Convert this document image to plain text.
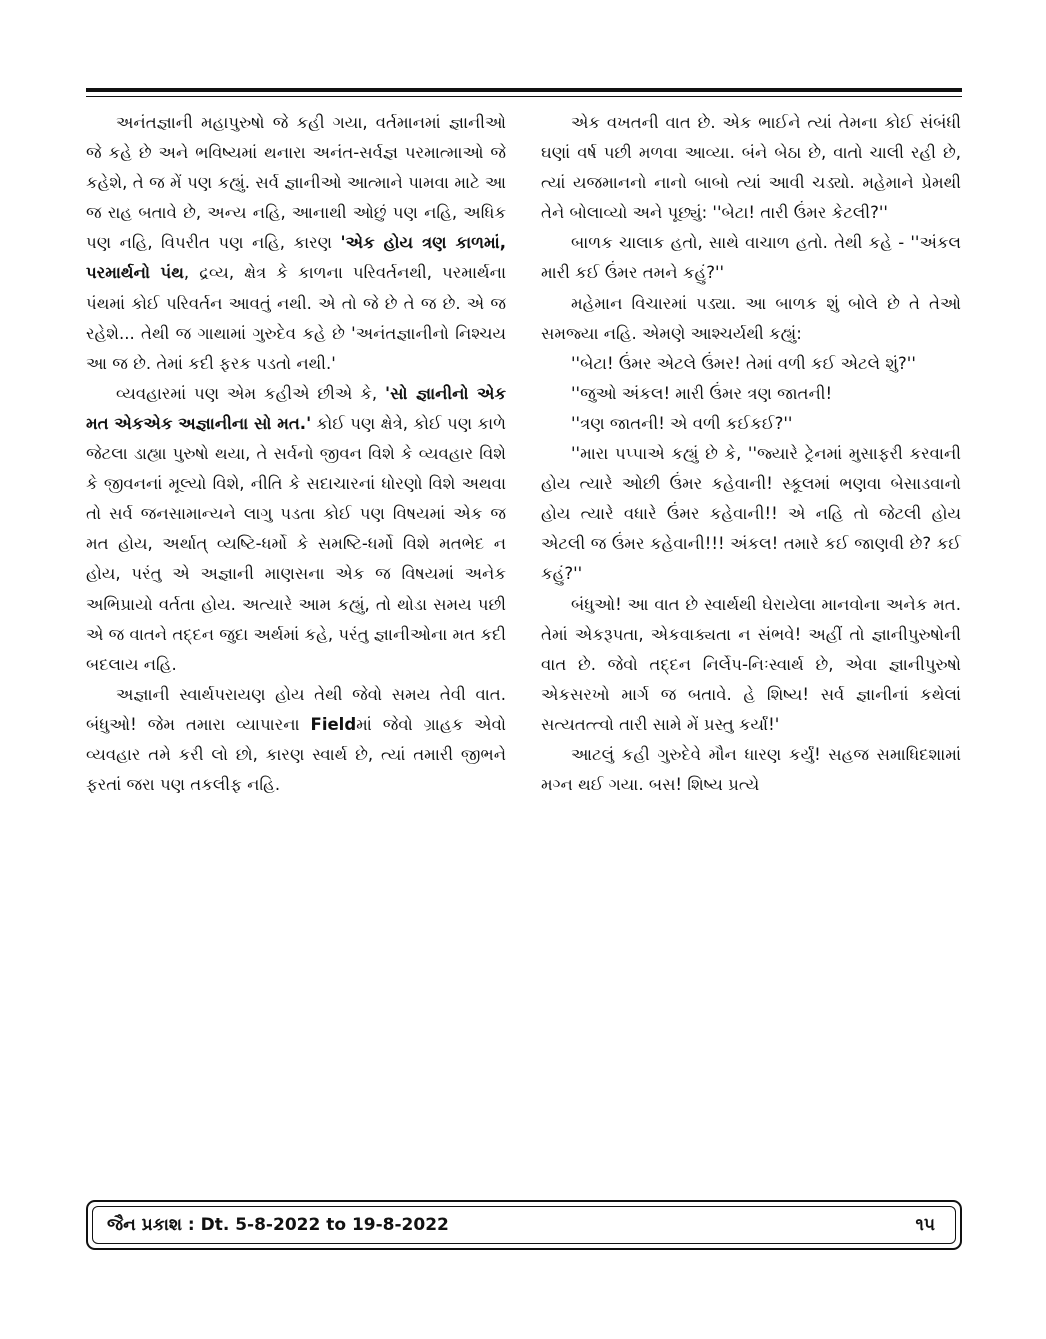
અનંતજ્ઞાની મહાપુરુષો જે કહી ગયા, વર્તમાનમાં જ્ઞાનીઓ જે કહે છે અને ભવિષ્યમાં થનારા અનંત-સર્વજ્ઞ પરમાત્માઓ જે કહેશે, તે જ મેં પણ કહ્યું. સર્વ જ્ઞાનીઓ આત્માને પામવા માટે આ જ રાહ બતાવે છે, અન્ય નહિ, આનાથી ઓછું પણ નહિ, અધિક પણ નહિ, વિપરીત પણ નહિ, કારણ 'એક હોય ત્રણ કાળમાં, પરમાર્થનો પંથ, દ્રવ્ય, ક્ષેત્ર કે કાળના પરિવર્તનથી, પરમાર્થના પંથમાં કોઈ પરિવર્તન આવતું નથી. એ તો જે છે તે જ છે. એ જ રહેશે... તેથી જ ગાથામાં ગુરુદેવ કહે છે 'અનંતજ્ઞાનીનો નિશ્ચય આ જ છે. તેમાં કદી ફરક પડતો નથી.'

વ્યવહારમાં પણ એમ કહીએ છીએ કે, 'સો જ્ઞાનીનો એક મત એકએક અજ્ઞાનીના સો મત.' કોઈ પણ ક્ષેત્રે, કોઈ પણ કાળે જેટલા ડાહ્યા પુરુષો થયા, તે સર્વનો જીવન વિશે કે વ્યવહાર વિશે કે જીવનનાં મૂલ્યો વિશે, નીતિ કે સદાચારનાં ધોરણો વિશે અથવા તો સર્વ જનસામાન્યને લાગુ પડતા કોઈ પણ વિષયમાં એક જ મત હોય, અર્થાત્ વ્યષ્ટિ-ધર્મો કે સમષ્ટિ-ધર્મો વિશે મતભેદ ન હોય, પરંતુ એ અજ્ઞાની માણસના એક જ વિષયમાં અનેક અભિપ્રાયો વર્તતા હોય. અત્યારે આમ કહ્યું, તો થોડા સમય પછી એ જ વાતને તદ્દન જુદા અર્થમાં કહે, પરંતુ જ્ઞાનીઓના મત કદી બદલાય નહિ.

અજ્ઞાની સ્વાર્થપરાયણ હોય તેથી જેવો સમય તેવી વાત. બંધુઓ! જેમ તમારા વ્યાપારના Fieldમાં જેવો ગ્રાહક એવો વ્યવહાર તમે કરી લો છો, કારણ સ્વાર્થ છે, ત્યાં તમારી જીભને ફરતાં જરા પણ તકલીફ નહિ.

એક વખતની વાત છે. એક ભાઈને ત્યાં તેમના કોઈ સંબંધી ઘણાં વર્ષ પછી મળવા આવ્યા. બંને બેઠા છે, વાતો ચાલી રહી છે, ત્યાં યજમાનનો નાનો બાબો ત્યાં આવી ચડ્યો. મહેમાને પ્રેમથી તેને બોલાવ્યો અને પૂછ્યું: ''બેટા! તારી ઉંમર કેટલી?''

બાળક ચાલાક હતો, સાથે વાચાળ હતો. તેથી કહે - ''અંકલ મારી કઈ ઉંમર તમને કહું?''

મહેમાન વિચારમાં પડ્યા. આ બાળક શું બોલે છે તે તેઓ સમજ્યા નહિ. એમણે આશ્ચર્યથી કહ્યું:

''બેટા! ઉંમર એટલે ઉંમર! તેમાં વળી કઈ એટલે શું?''

''જુઓ અંકલ! મારી ઉંમર ત્રણ જાતની!

''ત્રણ જાતની! એ વળી કઈકઈ?''

''મારા પપ્પાએ કહ્યું છે કે, ''જ્યારે ટ્રેનમાં મુસાફરી કરવાની હોય ત્યારે ઓછી ઉંમર કહેવાની! સ્કૂલમાં ભણવા બેસાડવાનો હોય ત્યારે વધારે ઉંમર કહેવાની!! એ નહિ તો જેટલી હોય એટલી જ ઉંમર કહેવાની!!! અંકલ! તમારે કઈ જાણવી છે? કઈ કહું?''

બંધુઓ! આ વાત છે સ્વાર્થથી ઘેરાયેલા માનવોના અનેક મત. તેમાં એકરૂપતા, એકવાક્યતા ન સંભવે! અહીં તો જ્ઞાનીપુરુષોની વાત છે. જેવો તદ્દન નિર્લેપ-નિઃસ્વાર્થ છે, એવા જ્ઞાનીપુરુષો એકસરખો માર્ગ જ બતાવે. હે શિષ્ય! સર્વ જ્ઞાનીનાં કથેલાં સત્યતત્ત્વો તારી સામે મેં પ્રસ્તુ કર્યાં!'

આટલું કહી ગુરુદેવે મૌન ધારણ કર્યું! સહજ સમાધિદશામાં મગ્ન થઈ ગયા. બસ! શિષ્ય પ્રત્યે

જૈન પ્રકાશ : Dt. 5-8-2022 to 19-8-2022	૧૫
